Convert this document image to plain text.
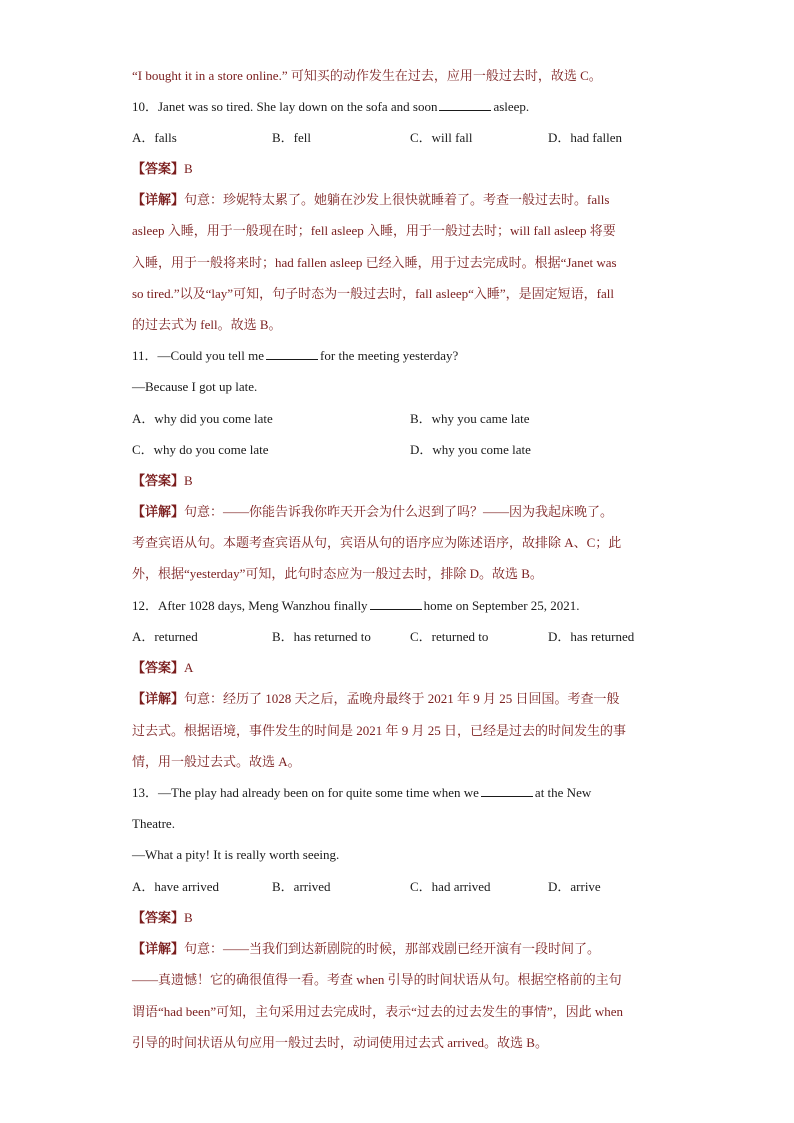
“I bought it in a store online.” 可知买的动作发生在过去，应用一般过去时，故选 C。
10．Janet was so tired. She lay down on the sofa and soon	asleep.
A．falls	B．fell	C．will fall	D．had fallen
【答案】B
【详解】句意：珍妮特太累了。她躺在沙发上很快就睡着了。考查一般过去时。falls
asleep 入睡，用于一般现在时；fell asleep 入睡，用于一般过去时；will fall asleep 将要
入睡，用于一般将来时；had fallen asleep 已经入睡，用于过去完成时。根据“Janet was
so tired.”以及“lay”可知，句子时态为一般过去时，fall asleep“入睡”，是固定短语，fall
的过去式为 fell。故选 B。
11．—Could you tell me	for the meeting yesterday?
—Because I got up late.
A．why did you come late	B．why you came late
C．why do you come late	D．why you come late
【答案】B
【详解】句意：——你能告诉我你昨天开会为什么迟到了吗？——因为我起床晚了。
考查宾语从句。本题考查宾语从句，宾语从句的语序应为陈述语序，故排除 A、C；此
外，根据“yesterday”可知，此句时态应为一般过去时，排除 D。故选 B。
12．After 1028 days, Meng Wanzhou finally	home on September 25, 2021.
A．returned	B．has returned to	C．returned to	D．has returned
【答案】A
【详解】句意：经历了 1028 天之后，孟晚舟最终于 2021 年 9 月 25 日回国。考查一般
过去式。根据语境，事件发生的时间是 2021 年 9 月 25 日，已经是过去的时间发生的事
情，用一般过去式。故选 A。
13．—The play had already been on for quite some time when we	at the New
Theatre.
—What a pity! It is really worth seeing.
A．have arrived	B．arrived	C．had arrived	D．arrive
【答案】B
【详解】句意：——当我们到达新剧院的时候，那部戏剧已经开演有一段时间了。
——真遗憾！它的确很值得一看。考查 when 引导的时间状语从句。根据空格前的主句
谓语“had been”可知，主句采用过去完成时，表示“过去的过去发生的事情”，因此 when
引导的时间状语从句应用一般过去时，动词使用过去式 arrived。故选 B。
